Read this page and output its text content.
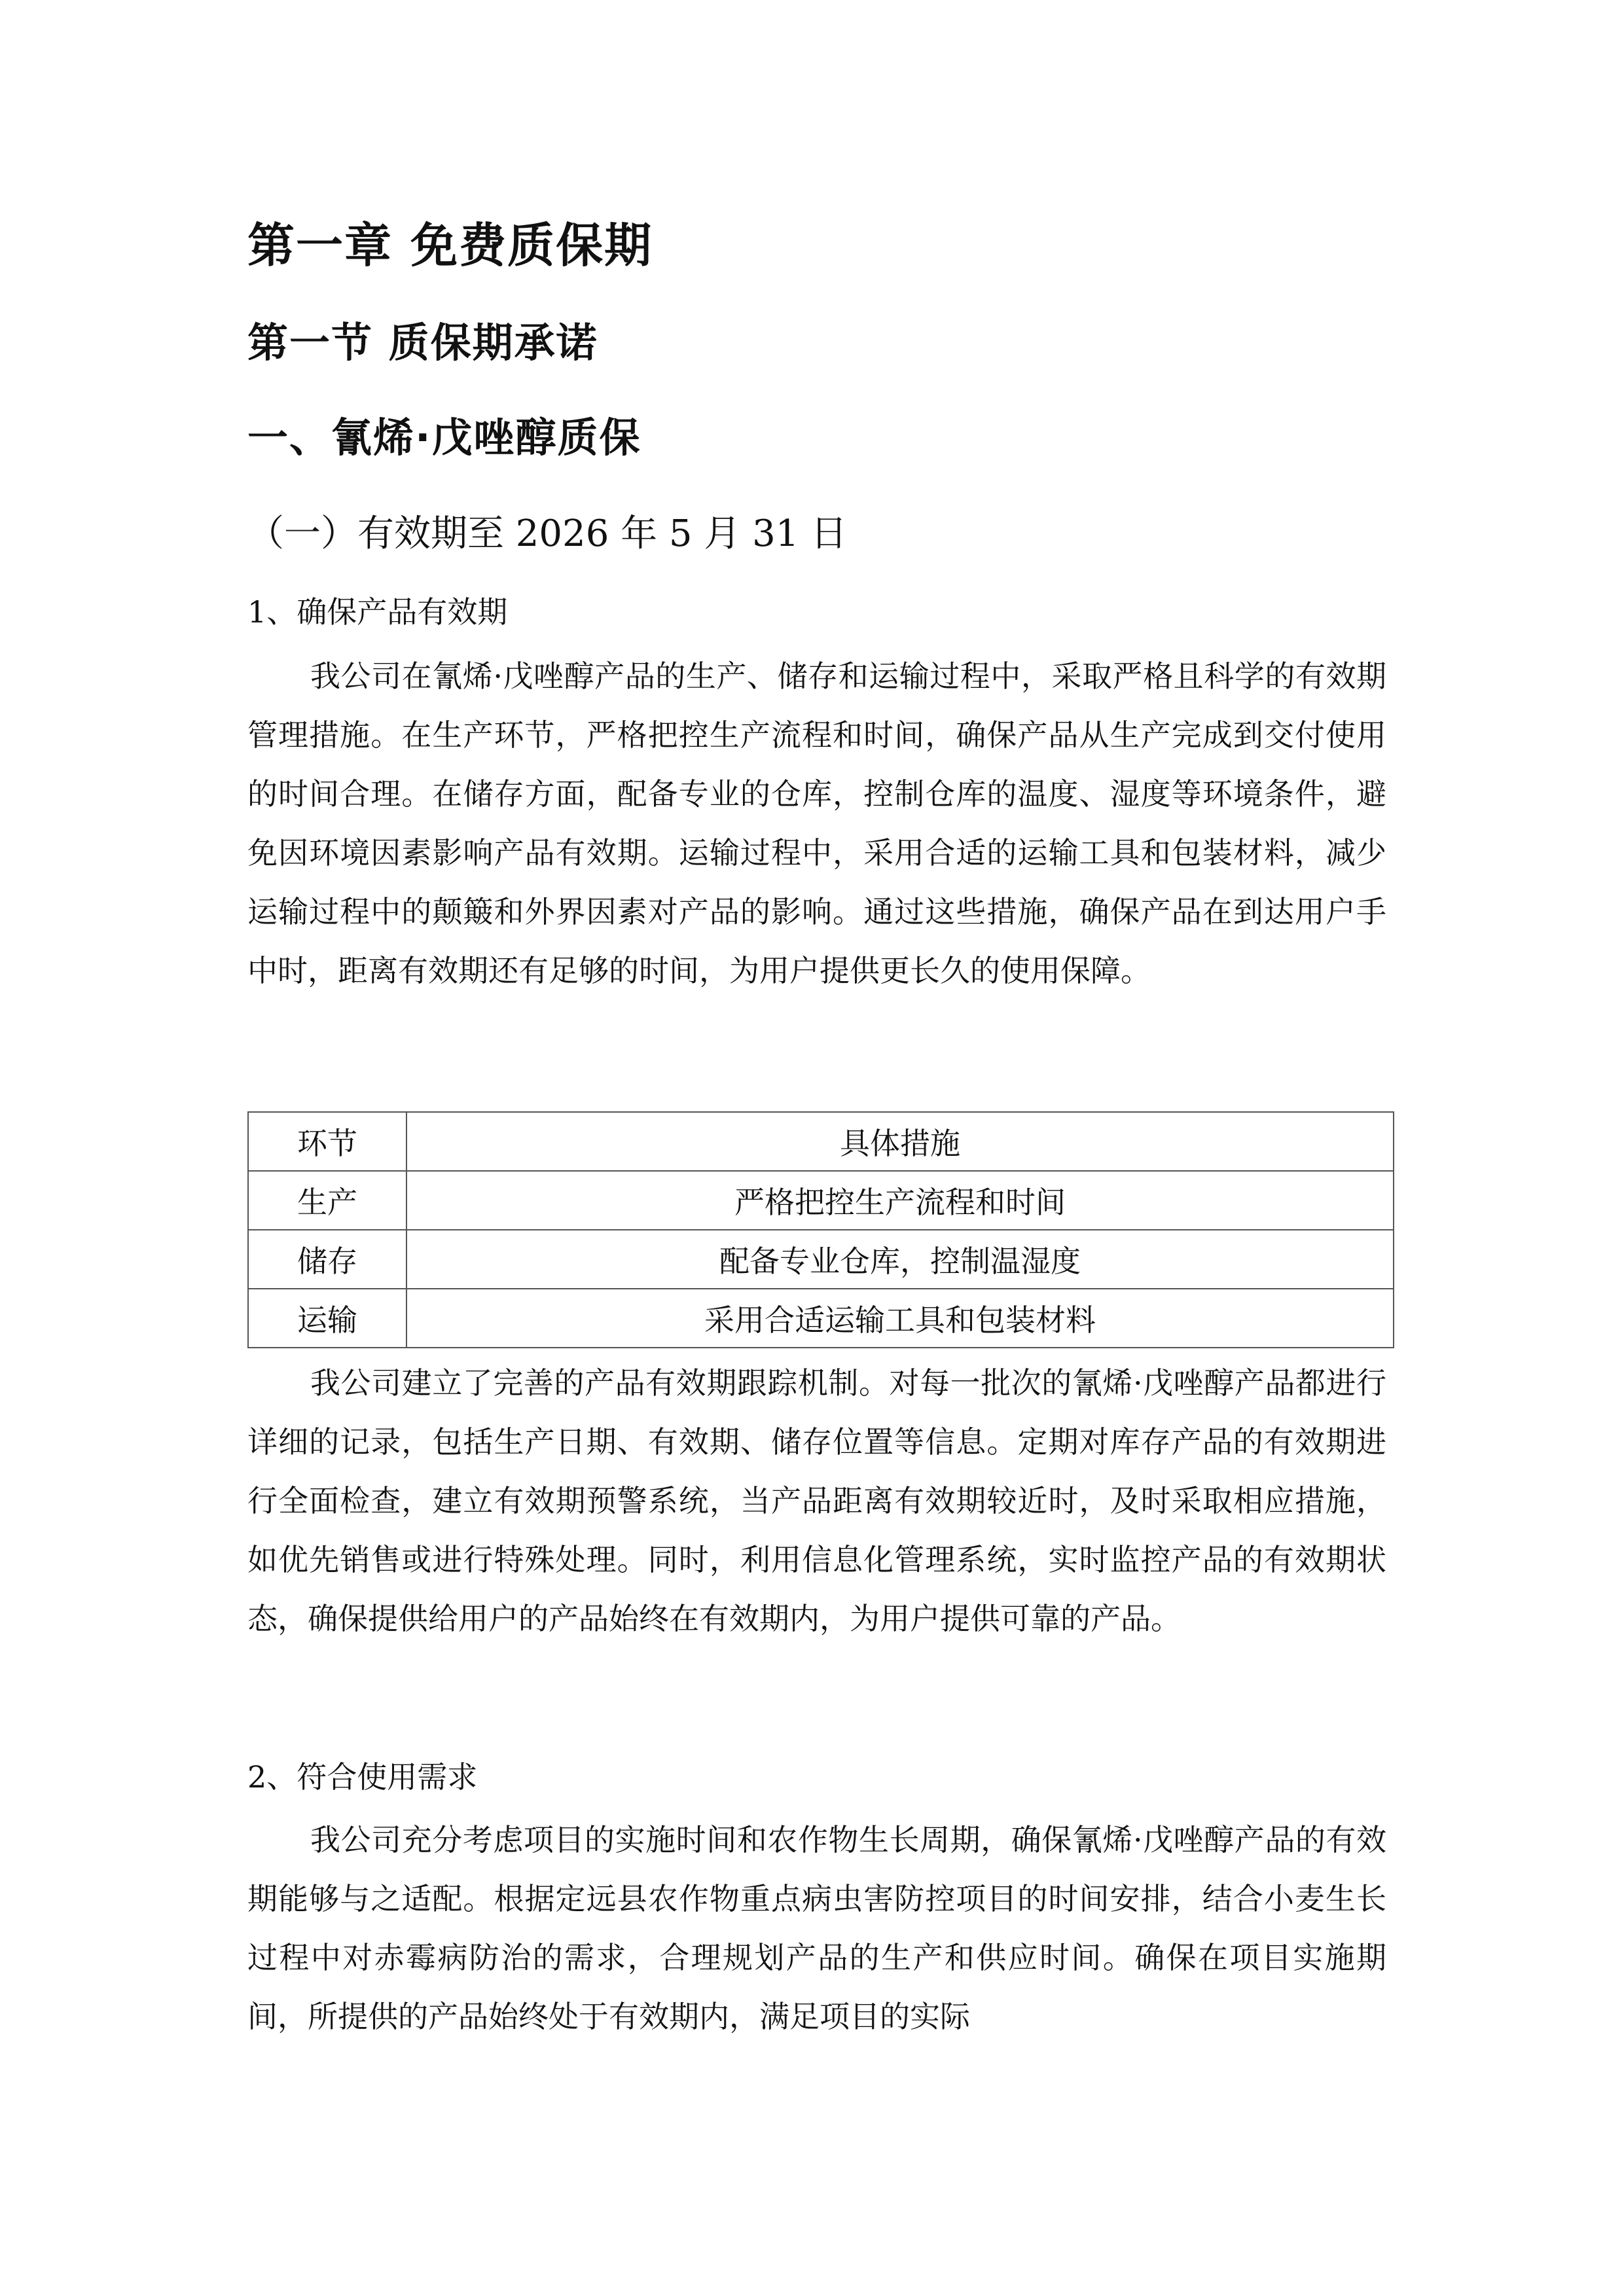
第一章 免费质保期
第一节 质保期承诺
一、氰烯·戊唑醇质保

（一）有效期至 2026 年 5 月 31 日

1、确保产品有效期

我公司在氰烯·戊唑醇产品的生产、储存和运输过程中，采取严格且科学的有效期管理措施。在生产环节，严格把控生产流程和时间，确保产品从生产完成到交付使用的时间合理。在储存方面，配备专业的仓库，控制仓库的温度、湿度等环境条件，避免因环境因素影响产品有效期。运输过程中，采用合适的运输工具和包装材料，减少运输过程中的颠簸和外界因素对产品的影响。通过这些措施，确保产品在到达用户手中时，距离有效期还有足够的时间，为用户提供更长久的使用保障。

环节	具体措施
生产	严格把控生产流程和时间
储存	配备专业仓库，控制温湿度
运输	采用合适运输工具和包装材料

我公司建立了完善的产品有效期跟踪机制。对每一批次的氰烯·戊唑醇产品都进行详细的记录，包括生产日期、有效期、储存位置等信息。定期对库存产品的有效期进行全面检查，建立有效期预警系统，当产品距离有效期较近时，及时采取相应措施，如优先销售或进行特殊处理。同时，利用信息化管理系统，实时监控产品的有效期状态，确保提供给用户的产品始终在有效期内，为用户提供可靠的产品。

2、符合使用需求

我公司充分考虑项目的实施时间和农作物生长周期，确保氰烯·戊唑醇产品的有效期能够与之适配。根据定远县农作物重点病虫害防控项目的时间安排，结合小麦生长过程中对赤霉病防治的需求，合理规划产品的生产和供应时间。确保在项目实施期间，所提供的产品始终处于有效期内，满足项目的实际
